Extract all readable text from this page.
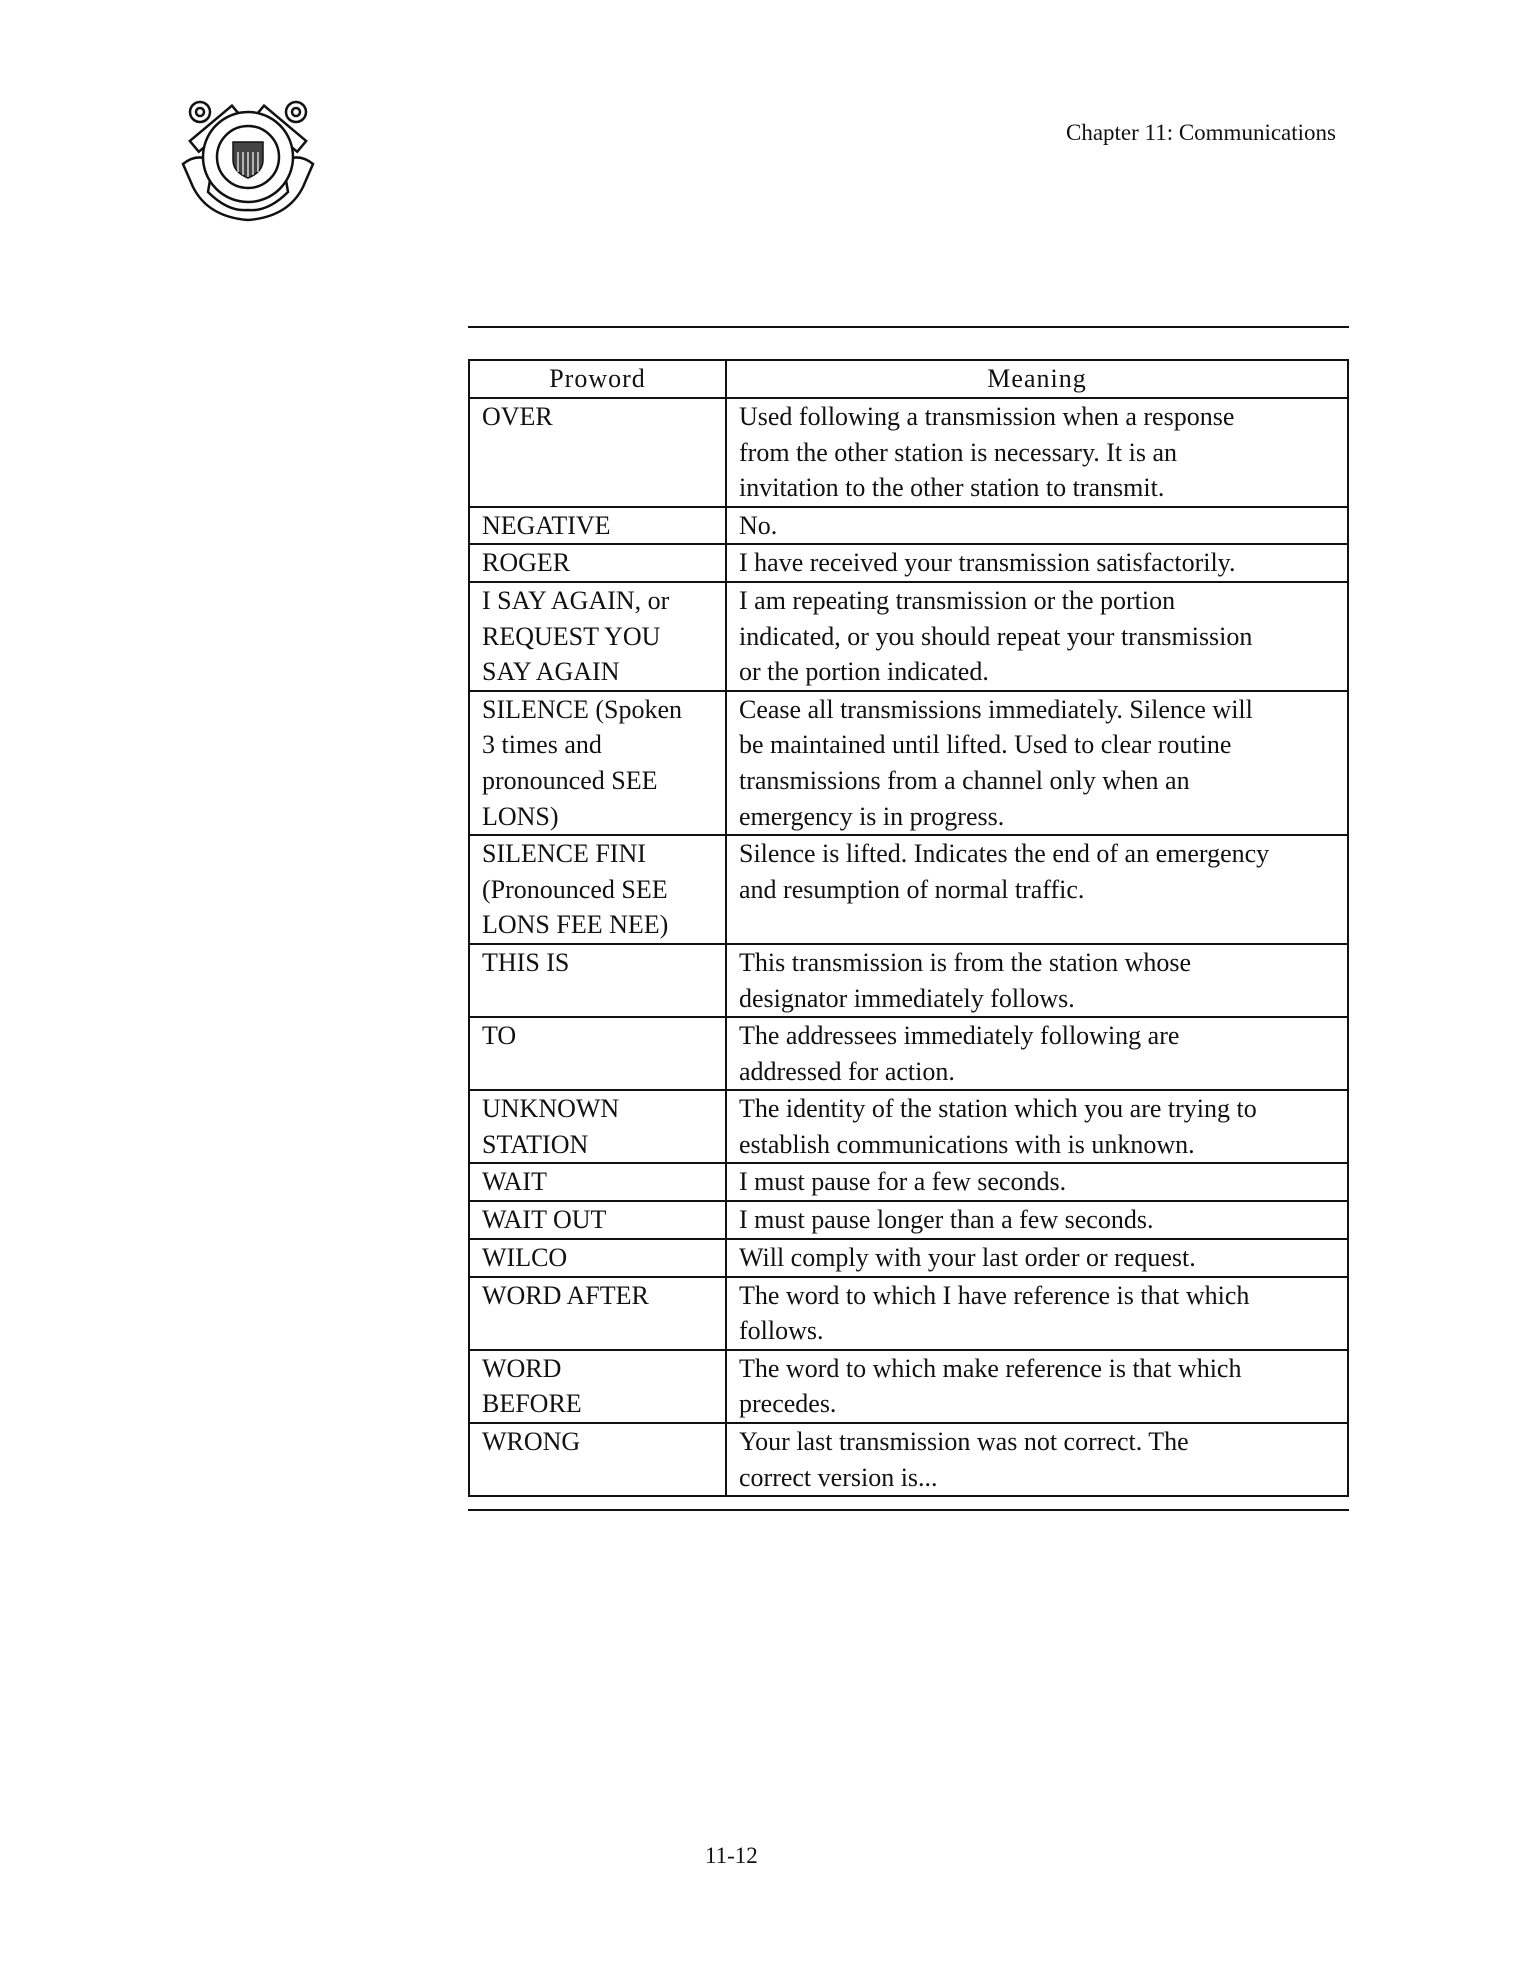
Chapter 11: Communications
Proword	Meaning
OVER	Used following a transmission when a response
from the other station is necessary. It is an
invitation to the other station to transmit.
NEGATIVE	No.
ROGER	I have received your transmission satisfactorily.
I SAY AGAIN, or
REQUEST YOU
SAY AGAIN	I am repeating transmission or the portion
indicated, or you should repeat your transmission
or the portion indicated.
SILENCE (Spoken
3 times and
pronounced SEE
LONS)	Cease all transmissions immediately. Silence will
be maintained until lifted. Used to clear routine
transmissions from a channel only when an
emergency is in progress.
SILENCE FINI
(Pronounced SEE
LONS FEE NEE)	Silence is lifted. Indicates the end of an emergency
and resumption of normal traffic.
THIS IS	This transmission is from the station whose
designator immediately follows.
TO	The addressees immediately following are
addressed for action.
UNKNOWN
STATION	The identity of the station which you are trying to
establish communications with is unknown.
WAIT	I must pause for a few seconds.
WAIT OUT	I must pause longer than a few seconds.
WILCO	Will comply with your last order or request.
WORD AFTER	The word to which I have reference is that which
follows.
WORD
BEFORE	The word to which make reference is that which
precedes.
WRONG	Your last transmission was not correct. The
correct version is...
11-12
